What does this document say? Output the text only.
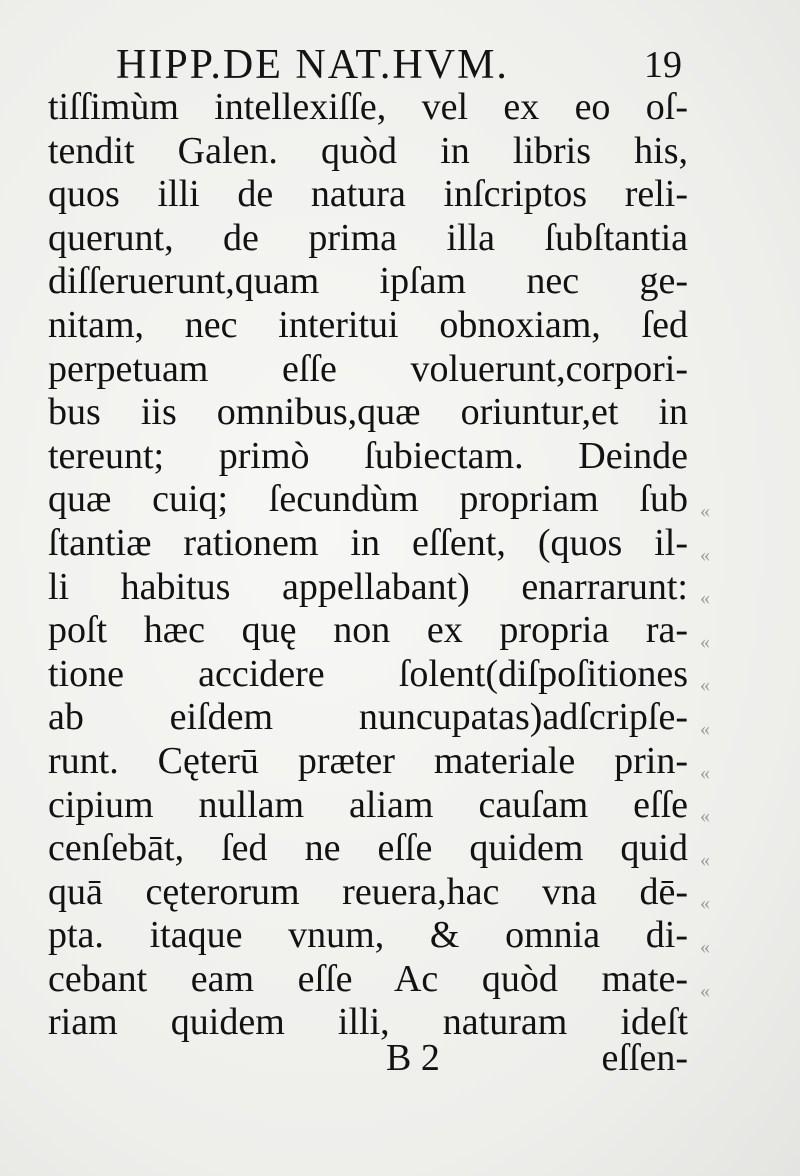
HIPP.DE NAT.HVM.	19
tiſſimùm intellexiſſe, vel ex eo oſ-
tendit Galen. quòd in libris his,
quos illi de natura inſcriptos reli-
querunt, de prima illa ſubſtantia
diſſeruerunt,quam ipſam nec ge-
nitam, nec interitui obnoxiam, ſed
perpetuam eſſe voluerunt,corpori-
bus iis omnibus,quæ oriuntur,et in
tereunt; primò ſubiectam. Deinde
quæ cuiq; ſecundùm propriam ſub
ſtantiæ rationem in eſſent, (quos il-
li habitus appellabant) enarrarunt:
poſt hæc quę non ex propria ra-
tione accidere ſolent(diſpoſitiones
ab eiſdem nuncupatas)adſcripſe-
runt. Cęterū præter materiale prin-
cipium nullam aliam cauſam eſſe
cenſebāt, ſed ne eſſe quidem quid
quā cęterorum reuera,hac vna dē-
pta. itaque vnum, & omnia di-
cebant eam eſſe Ac quòd mate-
riam quidem illi, naturam ideſt
B 2	eſſen-
«
«
«
«
«
«
«
«
«
«
«
«
